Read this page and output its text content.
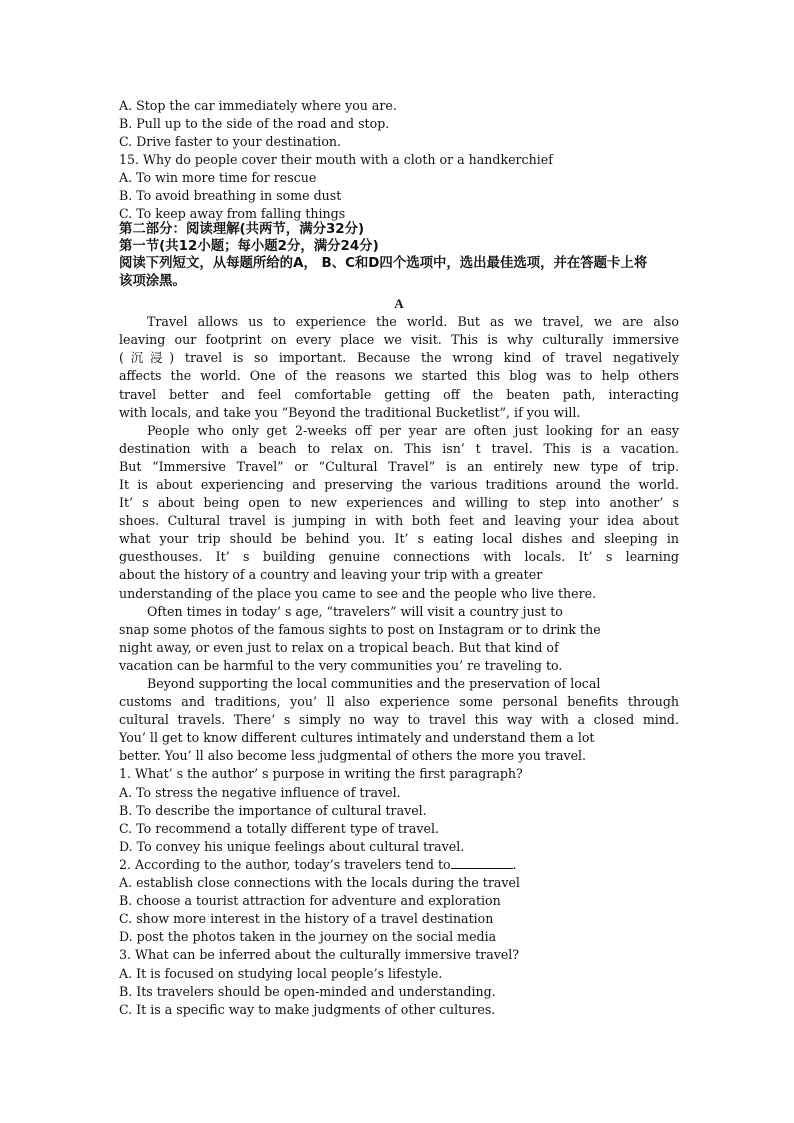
A. Stop the car immediately where you are.
B. Pull up to the side of the road and stop.
C. Drive faster to your destination.
15. Why do people cover their mouth with a cloth or a handkerchief
A. To win more time for rescue
B. To avoid breathing in some dust
C. To keep away from falling things
第二部分：阅读理解(共两节，满分32分)
第一节(共12小题；每小题2分，满分24分)
阅读下列短文，从每题所给的A， B、C和D四个选项中，选出最佳选项，并在答题卡上将
该项涂黑。
A
Travel allows us to experience the world. But as we travel, we are also
leaving our footprint on every place we visit. This is why culturally immersive
(沉浸) travel is so important. Because the wrong kind of travel negatively
affects the world. One of the reasons we started this blog was to help others
travel better and feel comfortable getting off the beaten path, interacting
with locals, and take you “Beyond the traditional Bucketlist”, if you will.
People who only get 2-weeks off per year are often just looking for an easy
destination with a beach to relax on. This isn’ t travel. This is a vacation.
But “Immersive Travel” or “Cultural Travel” is an entirely new type of trip.
It is about experiencing and preserving the various traditions around the world.
It’ s about being open to new experiences and willing to step into another’ s
shoes. Cultural travel is jumping in with both feet and leaving your idea about
what your trip should be behind you. It’ s eating local dishes and sleeping in
guesthouses. It’ s building genuine connections with locals. It’ s learning
about the history of a country and leaving your trip with a greater
understanding of the place you came to see and the people who live there.
Often times in today’ s age, “travelers” will visit a country just to
snap some photos of the famous sights to post on Instagram or to drink the
night away, or even just to relax on a tropical beach. But that kind of
vacation can be harmful to the very communities you’ re traveling to.
Beyond supporting the local communities and the preservation of local
customs and traditions, you’ ll also experience some personal benefits through
cultural travels. There’ s simply no way to travel this way with a closed mind.
You’ ll get to know different cultures intimately and understand them a lot
better. You’ ll also become less judgmental of others the more you travel.
1. What’ s the author’ s purpose in writing the first paragraph?
A. To stress the negative influence of travel.
B. To describe the importance of cultural travel.
C. To recommend a totally different type of travel.
D. To convey his unique feelings about cultural travel.
2. According to the author, today’s travelers tend to	.
A. establish close connections with the locals during the travel
B. choose a tourist attraction for adventure and exploration
C. show more interest in the history of a travel destination
D. post the photos taken in the journey on the social media
3. What can be inferred about the culturally immersive travel?
A. It is focused on studying local people’s lifestyle.
B. Its travelers should be open-minded and understanding.
C. It is a specific way to make judgments of other cultures.
